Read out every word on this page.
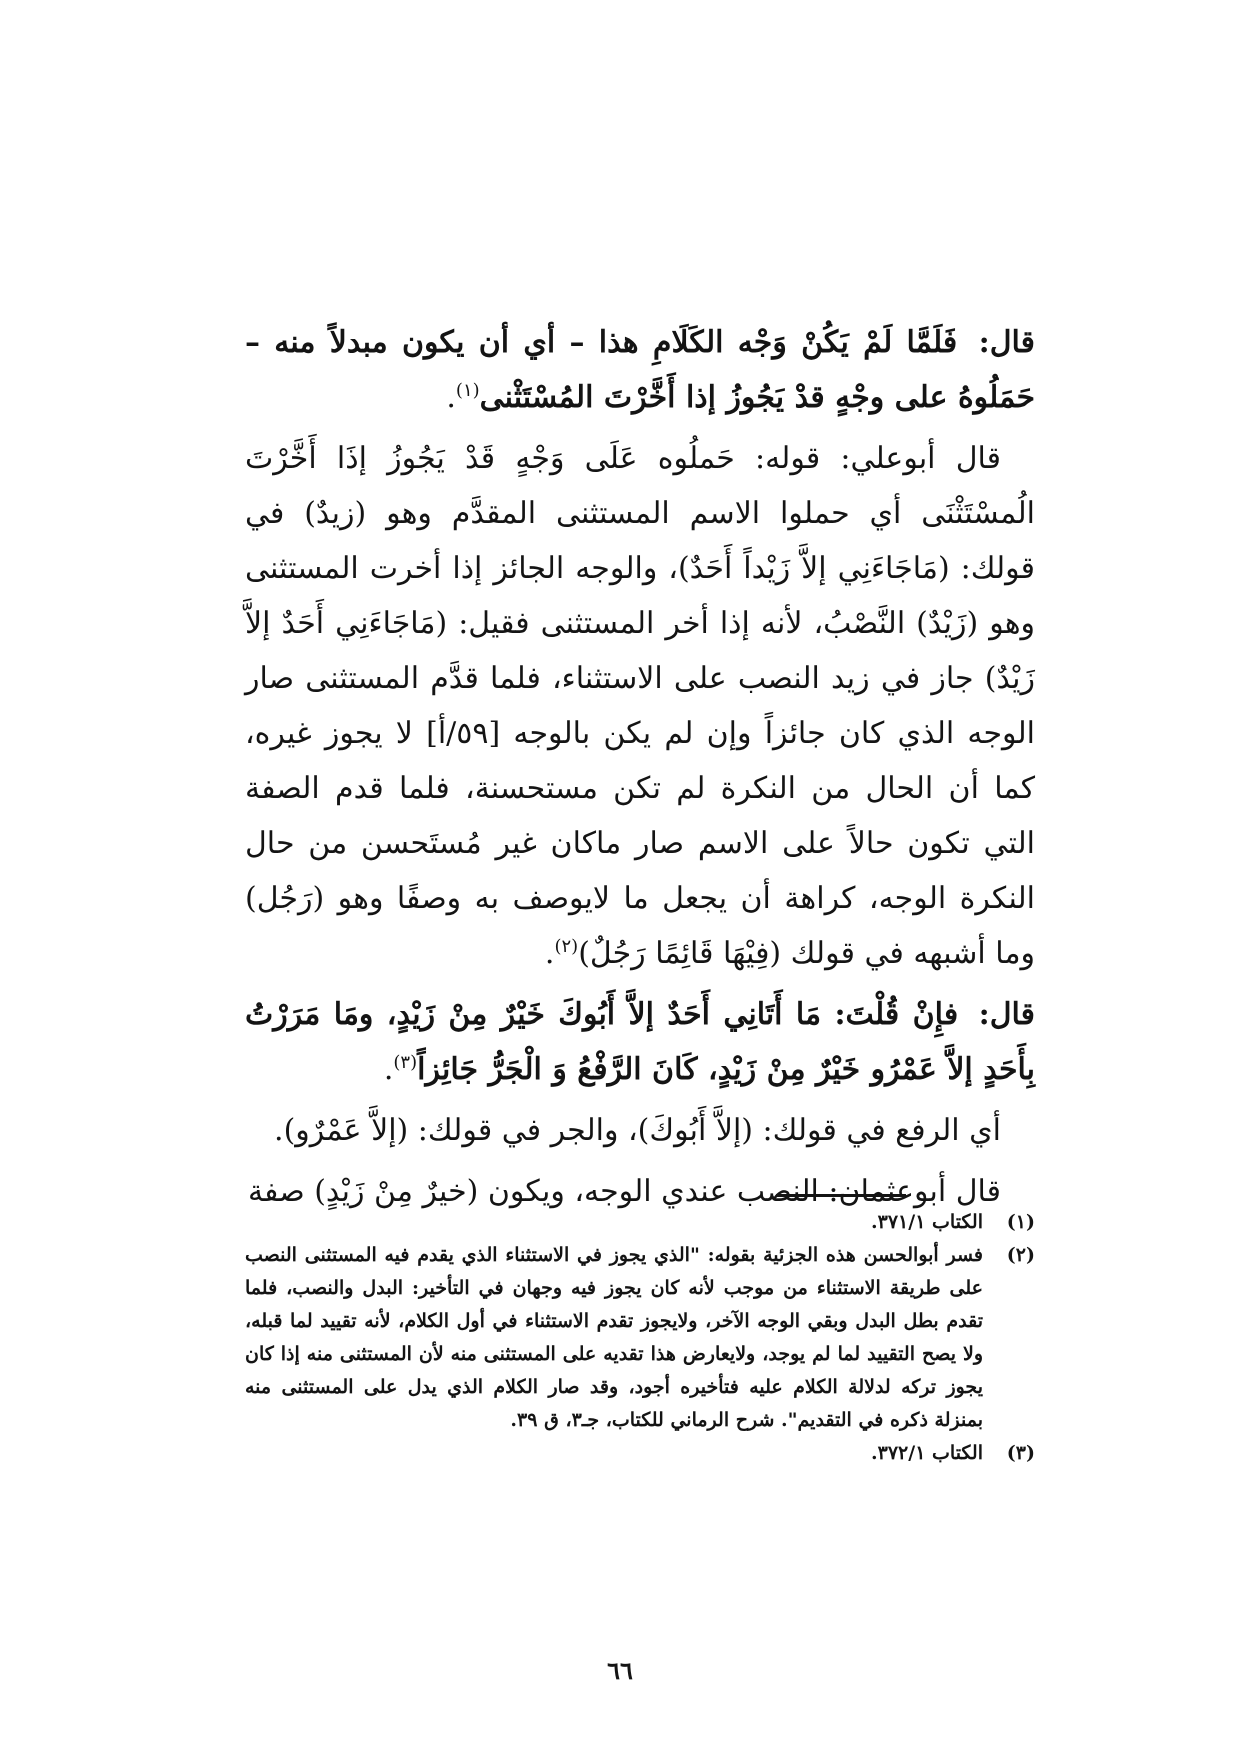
قال: فَلَمَّا لَمْ يَكُنْ وَجْه الكَلَامِ هذا – أي أن يكون مبدلاً منه – حَمَلُوهُ على وجْهٍ قدْ يَجُوزُ إذا أَخَّرْتَ المُسْتَثْنى$^{(١)}$.

قال أبوعلي: قوله: حَملُوه عَلَى وَجْهٍ قَدْ يَجُوزُ إذَا أَخَّرْتَ الُمسْتَثْنَى أي حملوا الاسم المستثنى المقدَّم وهو (زيدٌ) في قولك: (مَاجَاءَنِي إلاَّ زَيْداً أَحَدٌ)، والوجه الجائز إذا أخرت المستثنى وهو (زَيْدٌ) النَّصْبُ، لأنه إذا أخر المستثنى فقيل: (مَاجَاءَنِي أَحَدٌ إلاَّ زَيْدٌ) جاز في زيد النصب على الاستثناء، فلما قدَّم المستثنى صار الوجه الذي كان جائزاً وإن لم يكن بالوجه [٥٩/أ] لا يجوز غيره، كما أن الحال من النكرة لم تكن مستحسنة، فلما قدم الصفة التي تكون حالاً على الاسم صار ماكان غير مُستَحسن من حال النكرة الوجه، كراهة أن يجعل ما لايوصف به وصفًا وهو (رَجُل) وما أشبهه في قولك (فِيْهَا قَائِمًا رَجُلٌ)$^{(٢)}$.

قال: فإِنْ قُلْتَ: مَا أَتَانِي أَحَدٌ إلاَّ أَبُوكَ خَيْرٌ مِنْ زَيْدٍ، ومَا مَرَرْتُ بِأَحَدٍ إلاَّ عَمْرُو خَيْرٌ مِنْ زَيْدٍ، كَانَ الرَّفْعُ وَ الْجَرُّ جَائِزاً$^{(٣)}$.

أي الرفع في قولك: (إلاَّ أَبُوكَ)، والجر في قولك: (إلاَّ عَمْرٌو).

قال أبوعثمان: النصب عندي الوجه، ويكون (خيرٌ مِنْ زَيْدٍ) صفة

(١)
الكتاب ٣٧١/١.
(٢)
فسر أبوالحسن هذه الجزئية بقوله: "الذي يجوز في الاستثناء الذي يقدم فيه المستثنى النصب على طريقة الاستثناء من موجب لأنه كان يجوز فيه وجهان في التأخير: البدل والنصب، فلما تقدم بطل البدل وبقي الوجه الآخر، ولايجوز تقدم الاستثناء في أول الكلام، لأنه تقييد لما قبله، ولا يصح التقييد لما لم يوجد، ولايعارض هذا تقديه على المستثنى منه لأن المستثنى منه إذا كان يجوز تركه لدلالة الكلام عليه فتأخيره أجود، وقد صار الكلام الذي يدل على المستثنى منه بمنزلة ذكره في التقديم". شرح الرماني للكتاب، جـ٣، ق ٣٩.
(٣)
الكتاب ٣٧٢/١.
٦٦
